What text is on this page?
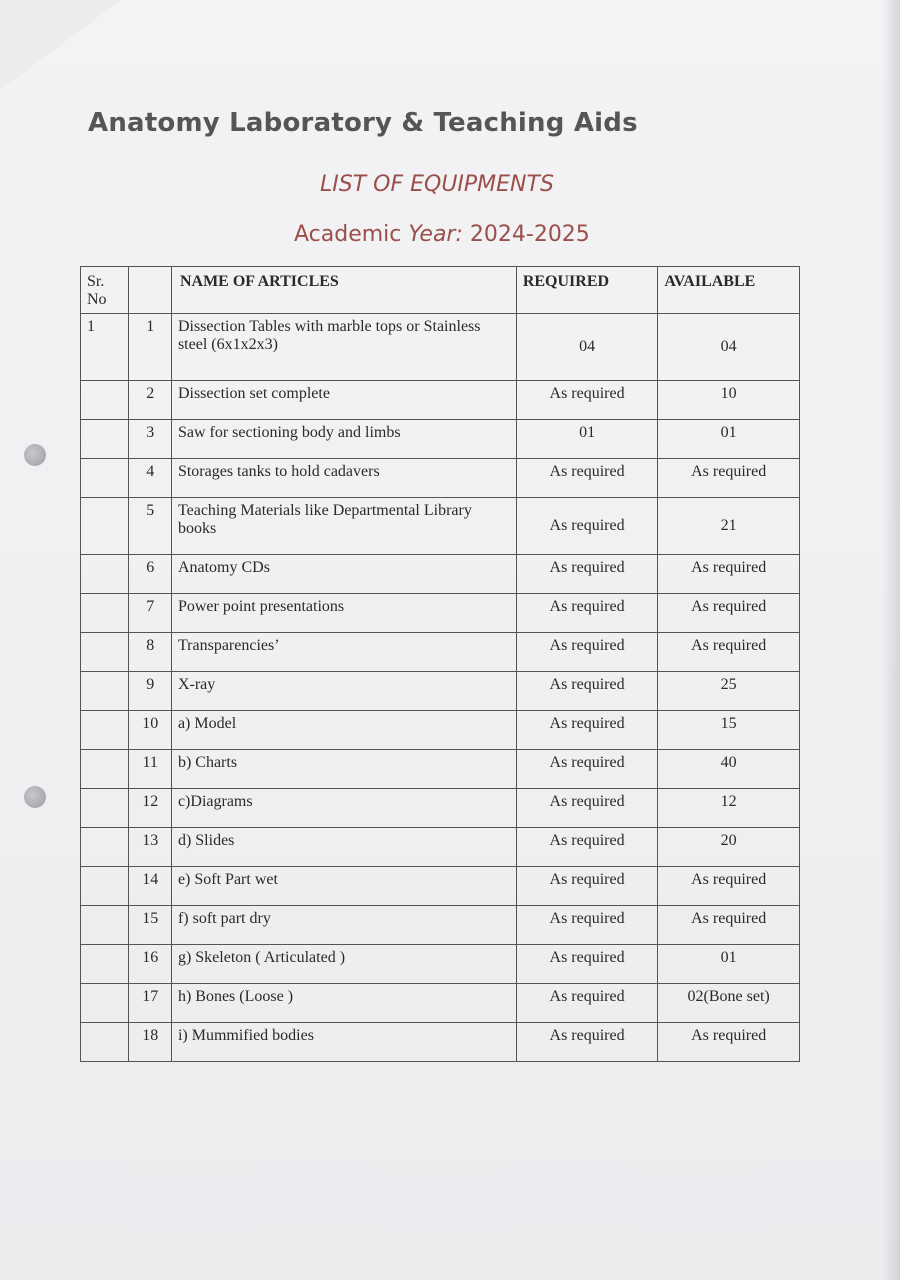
Anatomy Laboratory & Teaching Aids
LIST OF EQUIPMENTS
Academic Year: 2024-2025
Sr. No		NAME OF ARTICLES	REQUIRED	AVAILABLE
1	1	Dissection Tables with marble tops or Stainless steel (6x1x2x3)	04	04
	2	Dissection set complete	As required	10
	3	Saw for sectioning body and limbs	01	01
	4	Storages tanks to hold cadavers	As required	As required
	5	Teaching Materials like Departmental Library books	As required	21
	6	Anatomy CDs	As required	As required
	7	Power point presentations	As required	As required
	8	Transparencies’	As required	As required
	9	X-ray	As required	25
	10	a) Model	As required	15
	11	b) Charts	As required	40
	12	c)Diagrams	As required	12
	13	d) Slides	As required	20
	14	e) Soft Part wet	As required	As required
	15	f) soft part dry	As required	As required
	16	g) Skeleton ( Articulated )	As required	01
	17	h) Bones (Loose )	As required	02(Bone set)
	18	i) Mummified bodies	As required	As required
